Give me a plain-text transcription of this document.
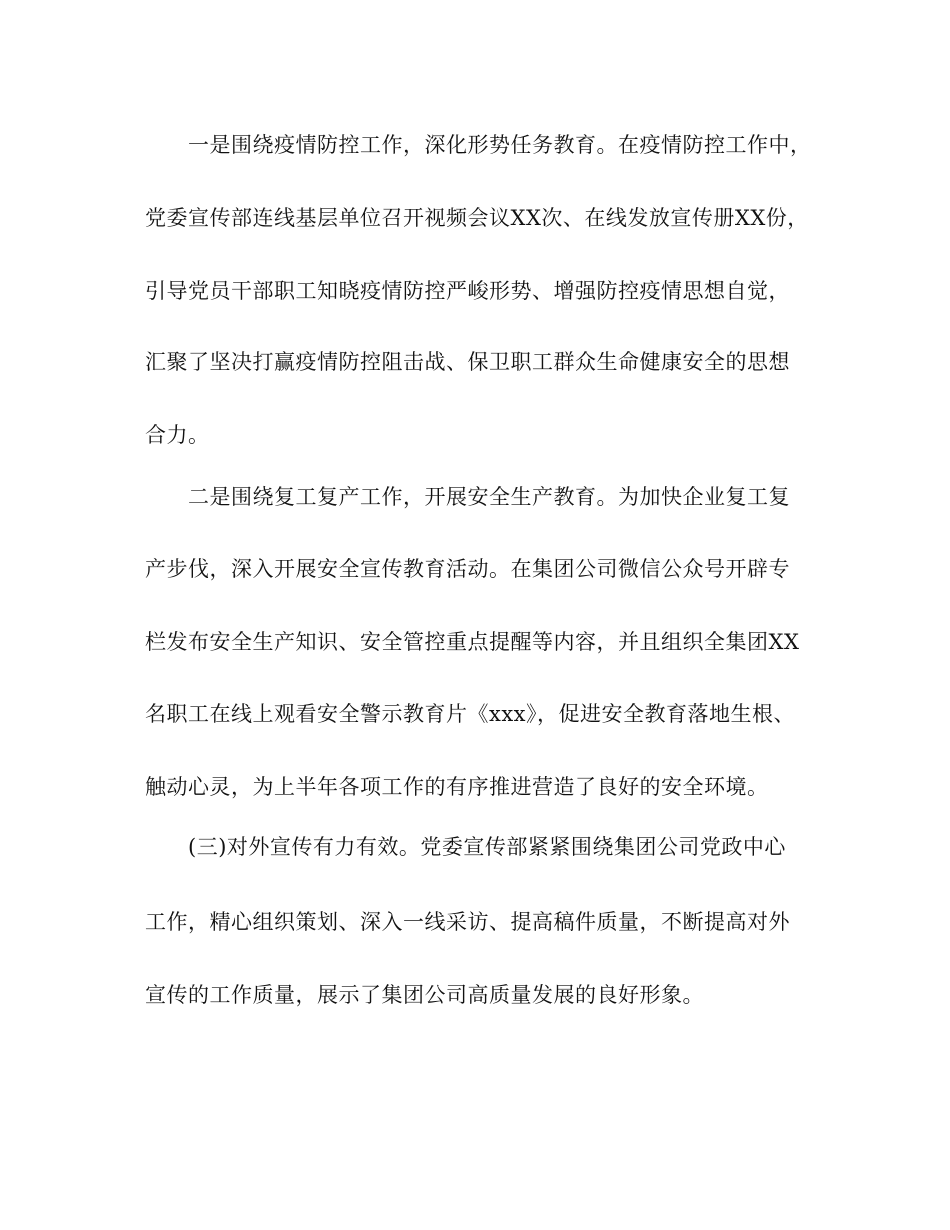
　　一是围绕疫情防控工作，深化形势任务教育。在疫情防控工作中，
党委宣传部连线基层单位召开视频会议XX次、在线发放宣传册XX份，
引导党员干部职工知晓疫情防控严峻形势、增强防控疫情思想自觉，
汇聚了坚决打赢疫情防控阻击战、保卫职工群众生命健康安全的思想
合力。
　　二是围绕复工复产工作，开展安全生产教育。为加快企业复工复
产步伐，深入开展安全宣传教育活动。在集团公司微信公众号开辟专
栏发布安全生产知识、安全管控重点提醒等内容，并且组织全集团XX
名职工在线上观看安全警示教育片《xxx》，促进安全教育落地生根、
触动心灵，为上半年各项工作的有序推进营造了良好的安全环境。
　　(三)对外宣传有力有效。党委宣传部紧紧围绕集团公司党政中心
工作，精心组织策划、深入一线采访、提高稿件质量，不断提高对外
宣传的工作质量，展示了集团公司高质量发展的良好形象。
